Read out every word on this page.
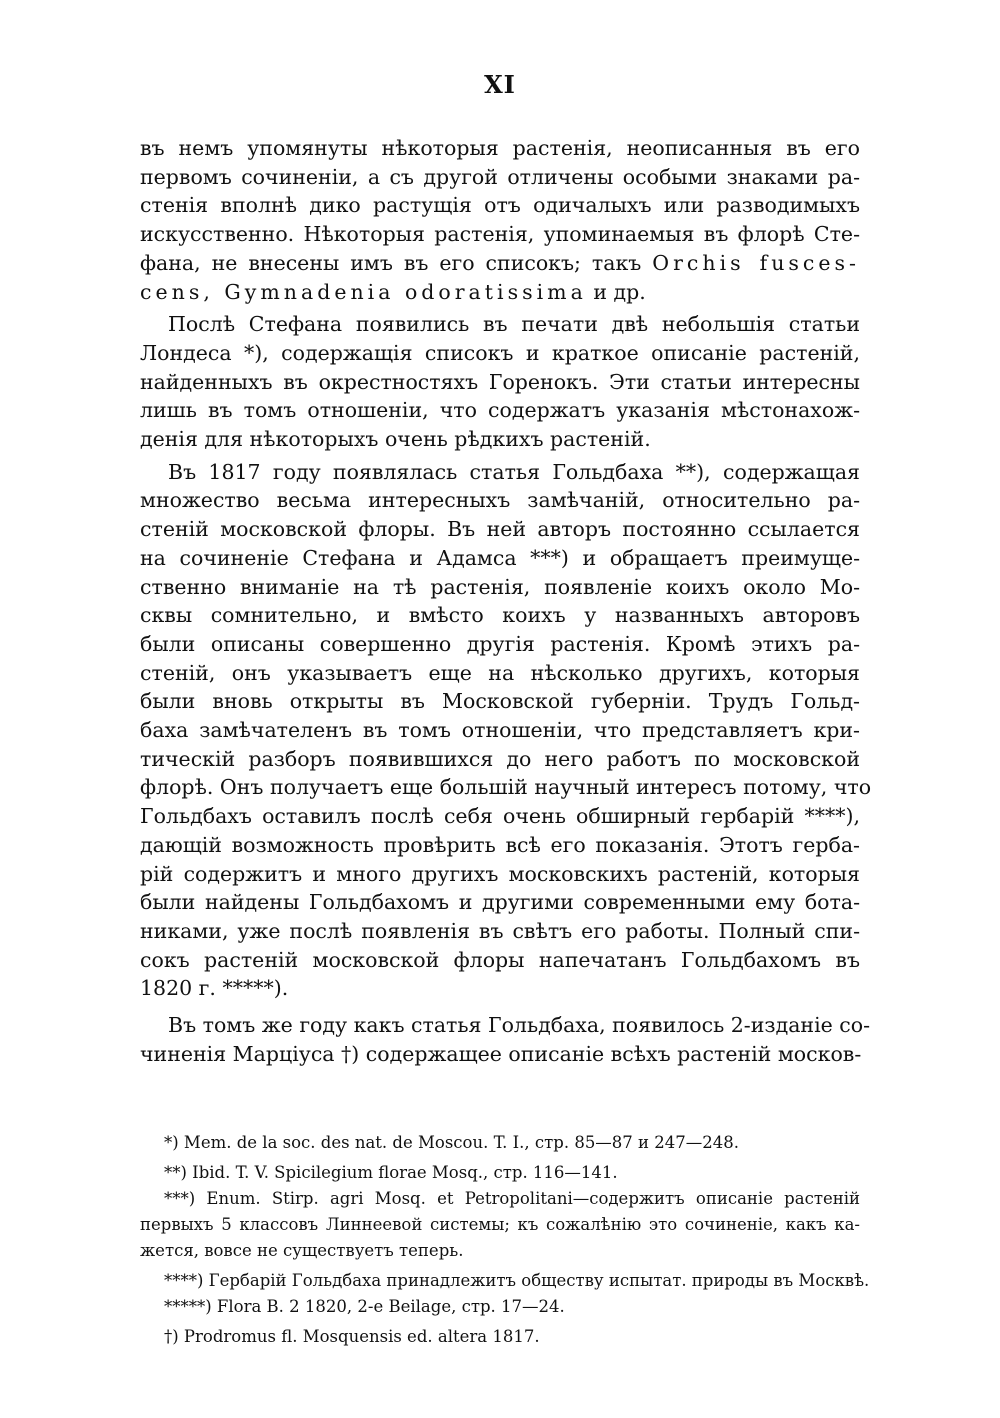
XI
въ немъ упомянуты нѣкоторыя растенія, неописанныя въ его
первомъ сочиненіи, а съ другой отличены особыми знаками ра-
стенія вполнѣ дико растущія отъ одичалыхъ или разводимыхъ
искусственно. Нѣкоторыя растенія, упоминаемыя въ флорѣ Сте-
фана, не внесены имъ въ его списокъ; такъ Orchis fusces-
cens, Gymnadenia odoratissima и др.
Послѣ Стефана появились въ печати двѣ небольшія статьи
Лондеса *), содержащія списокъ и краткое описаніе растеній,
найденныхъ въ окрестностяхъ Горенокъ. Эти статьи интересны
лишь въ томъ отношеніи, что содержатъ указанія мѣстонахож-
денія для нѣкоторыхъ очень рѣдкихъ растеній.
Въ 1817 году появлялась статья Гольдбаха **), содержащая
множество весьма интересныхъ замѣчаній, относительно ра-
стеній московской флоры. Въ ней авторъ постоянно ссылается
на сочиненіе Стефана и Адамса ***) и обращаетъ преимуще-
ственно вниманіе на тѣ растенія, появленіе коихъ около Мо-
сквы сомнительно, и вмѣсто коихъ у названныхъ авторовъ
были описаны совершенно другія растенія. Кромѣ этихъ ра-
стеній, онъ указываетъ еще на нѣсколько другихъ, которыя
были вновь открыты въ Московской губерніи. Трудъ Гольд-
баха замѣчателенъ въ томъ отношеніи, что представляетъ кри-
тическій разборъ появившихся до него работъ по московской
флорѣ. Онъ получаетъ еще большій научный интересъ потому, что
Гольдбахъ оставилъ послѣ себя очень обширный гербарій ****),
дающій возможность провѣрить всѣ его показанія. Этотъ герба-
рій содержитъ и много другихъ московскихъ растеній, которыя
были найдены Гольдбахомъ и другими современными ему бота-
никами, уже послѣ появленія въ свѣтъ его работы. Полный спи-
сокъ растеній московской флоры напечатанъ Гольдбахомъ въ
1820 г. *****).
Въ томъ же году какъ статья Гольдбаха, появилось 2-изданіе со-
чиненія Марціуса †) содержащее описаніе всѣхъ растеній москов-
*) Mem. de la soc. des nat. de Moscou. T. I., стр. 85—87 и 247—248.
**) Ibid. T. V. Spicilegium florae Mosq., стр. 116—141.
***) Enum. Stirp. agri Mosq. et Petropolitani—содержитъ описаніе растеній
первыхъ 5 классовъ Линнеевой системы; къ сожалѣнію это сочиненіе, какъ ка-
жется, вовсе не существуетъ теперь.
****) Гербарій Гольдбаха принадлежитъ обществу испытат. природы въ Москвѣ.
*****) Flora B. 2 1820, 2-e Beilage, стр. 17—24.
†) Prodromus fl. Mosquensis ed. altera 1817.
